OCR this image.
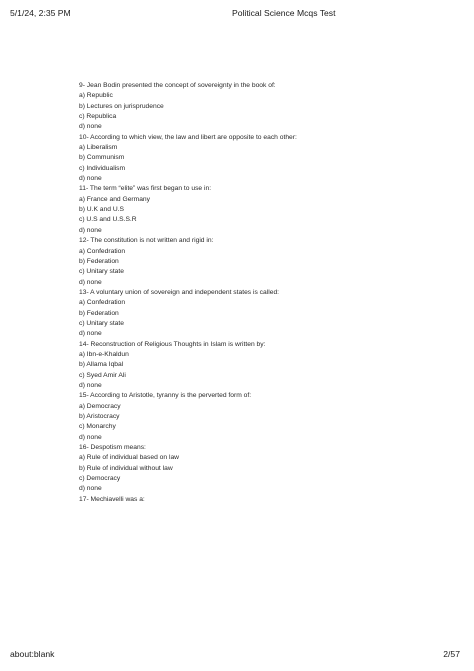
5/1/24, 2:35 PM	Political Science Mcqs Test
9- Jean Bodin presented the concept of sovereignty in the book of:
a) Republic
b) Lectures on jurisprudence
c) Republica
d) none
10- According to which view, the law and libert are opposite to each other:
a) Liberalism
b) Communism
c) Individualism
d) none
11- The term “elite” was first began to use in:
a) France and Germany
b) U.K and U.S
c) U.S and U.S.S.R
d) none
12- The constitution is not written and rigid in:
a) Confedration
b) Federation
c) Unitary state
d) none
13- A voluntary union of sovereign and independent states is called:
a) Confedration
b) Federation
c) Unitary state
d) none
14- Reconstruction of Religious Thoughts in Islam is written by:
a) Ibn-e-Khaldun
b) Allama Iqbal
c) Syed Amir Ali
d) none
15- According to Aristotle, tyranny is the perverted form of:
a) Democracy
b) Aristocracy
c) Monarchy
d) none
16- Despotism means:
a) Rule of individual based on law
b) Rule of individual without law
c) Democracy
d) none
17- Mechiavelli was a:
about:blank	2/57
